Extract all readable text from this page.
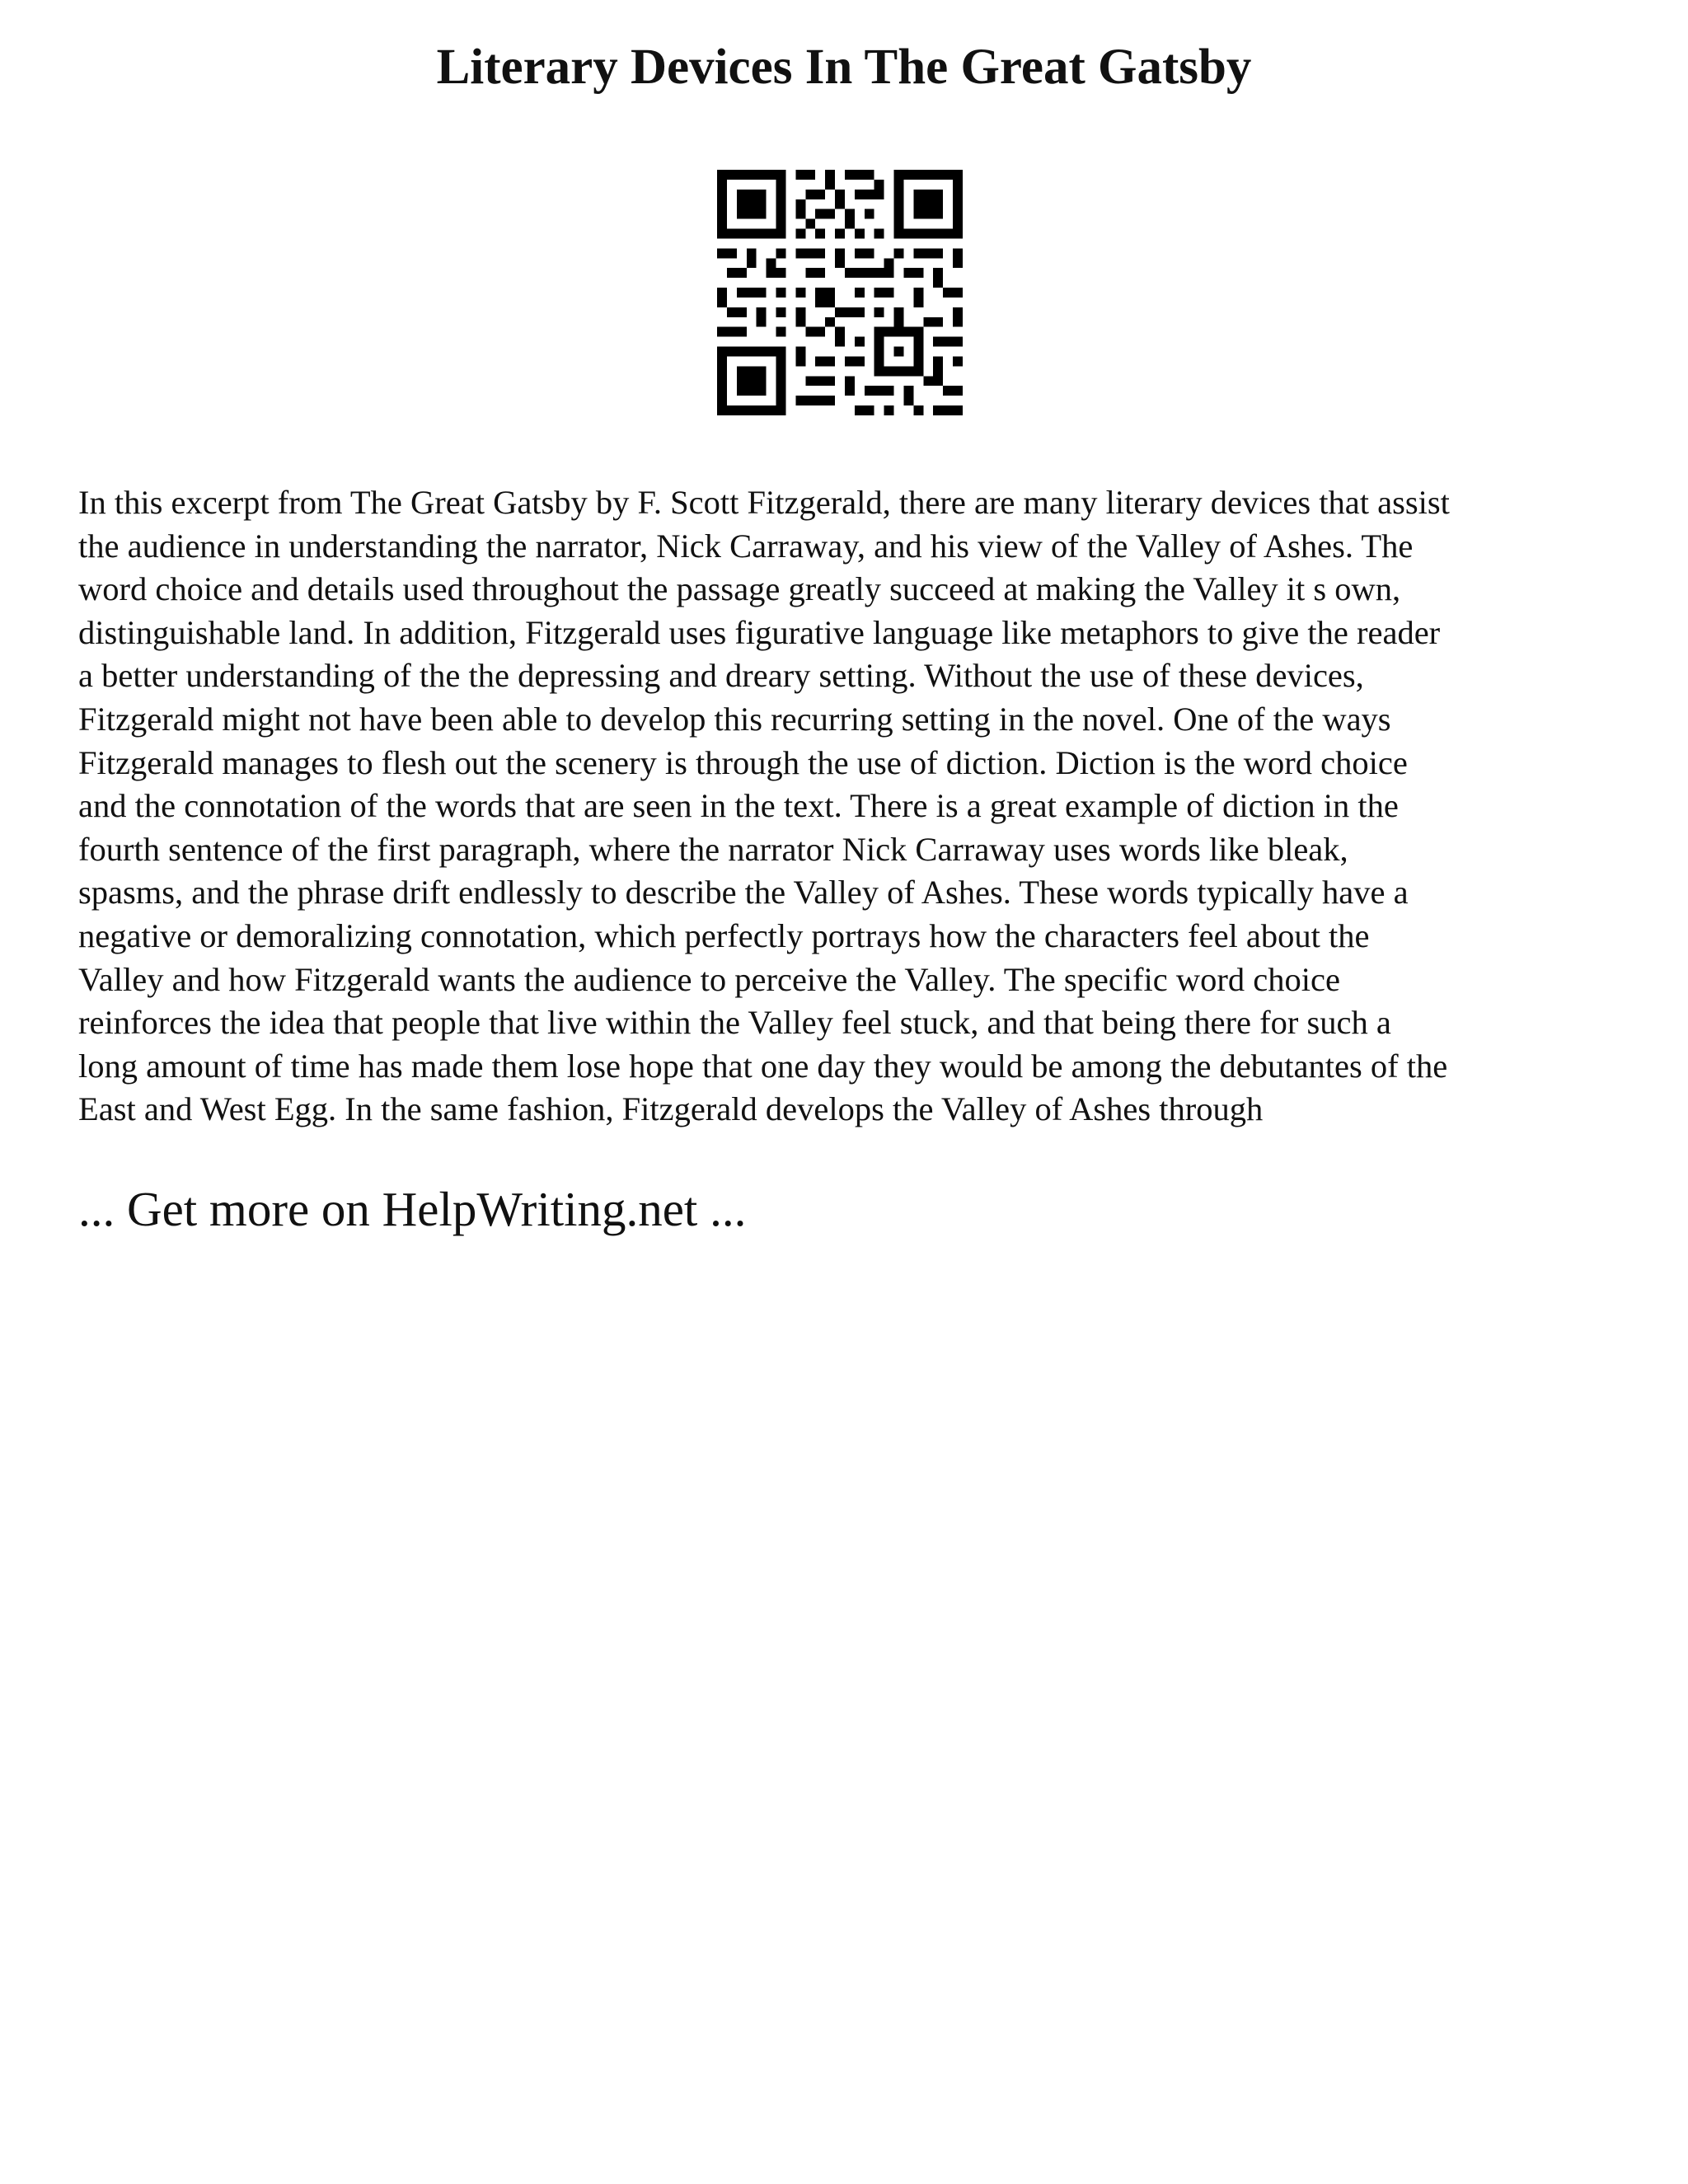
Literary Devices In The Great Gatsby

In this excerpt from The Great Gatsby by F. Scott Fitzgerald, there are many literary devices that assist
the audience in understanding the narrator, Nick Carraway, and his view of the Valley of Ashes. The
word choice and details used throughout the passage greatly succeed at making the Valley it s own,
distinguishable land. In addition, Fitzgerald uses figurative language like metaphors to give the reader
a better understanding of the the depressing and dreary setting. Without the use of these devices,
Fitzgerald might not have been able to develop this recurring setting in the novel. One of the ways
Fitzgerald manages to flesh out the scenery is through the use of diction. Diction is the word choice
and the connotation of the words that are seen in the text. There is a great example of diction in the
fourth sentence of the first paragraph, where the narrator Nick Carraway uses words like bleak,
spasms, and the phrase drift endlessly to describe the Valley of Ashes. These words typically have a
negative or demoralizing connotation, which perfectly portrays how the characters feel about the
Valley and how Fitzgerald wants the audience to perceive the Valley. The specific word choice
reinforces the idea that people that live within the Valley feel stuck, and that being there for such a
long amount of time has made them lose hope that one day they would be among the debutantes of the
East and West Egg. In the same fashion, Fitzgerald develops the Valley of Ashes through

... Get more on HelpWriting.net ...
